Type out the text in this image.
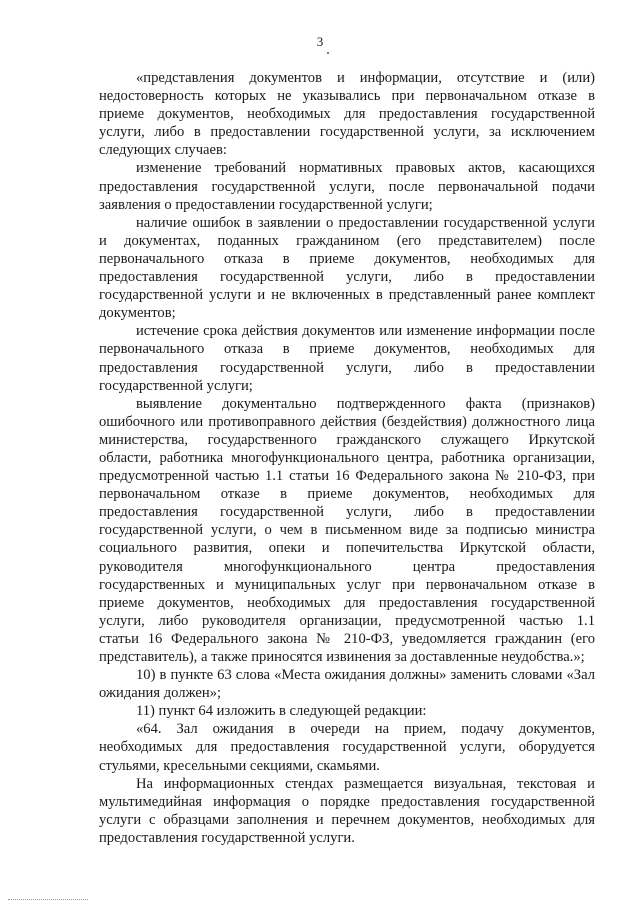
3
«представления документов и информации, отсутствие и (или)
недостоверность которых не указывались при первоначальном отказе в
приеме документов, необходимых для предоставления государственной
услуги, либо в предоставлении государственной услуги, за исключением
следующих случаев:
изменение требований нормативных правовых актов, касающихся
предоставления государственной услуги, после первоначальной подачи
заявления о предоставлении государственной услуги;
наличие ошибок в заявлении о предоставлении государственной услуги
и документах, поданных гражданином (его представителем) после
первоначального отказа в приеме документов, необходимых для
предоставления государственной услуги, либо в предоставлении
государственной услуги и не включенных в представленный ранее комплект
документов;
истечение срока действия документов или изменение информации после
первоначального отказа в приеме документов, необходимых для
предоставления государственной услуги, либо в предоставлении
государственной услуги;
выявление документально подтвержденного факта (признаков)
ошибочного или противоправного действия (бездействия) должностного лица
министерства, государственного гражданского служащего Иркутской
области, работника многофункционального центра, работника организации,
предусмотренной частью 1.1 статьи 16 Федерального закона № 210-ФЗ, при
первоначальном отказе в приеме документов, необходимых для
предоставления государственной услуги, либо в предоставлении
государственной услуги, о чем в письменном виде за подписью министра
социального развития, опеки и попечительства Иркутской области,
руководителя многофункционального центра предоставления
государственных и муниципальных услуг при первоначальном отказе в
приеме документов, необходимых для предоставления государственной
услуги, либо руководителя организации, предусмотренной частью 1.1
статьи 16 Федерального закона № 210-ФЗ, уведомляется гражданин (его
представитель), а также приносятся извинения за доставленные неудобства.»;
10) в пункте 63 слова «Места ожидания должны» заменить словами «Зал
ожидания должен»;
11) пункт 64 изложить в следующей редакции:
«64. Зал ожидания в очереди на прием, подачу документов,
необходимых для предоставления государственной услуги, оборудуется
стульями, кресельными секциями, скамьями.
На информационных стендах размещается визуальная, текстовая и
мультимедийная информация о порядке предоставления государственной
услуги с образцами заполнения и перечнем документов, необходимых для
предоставления государственной услуги.
